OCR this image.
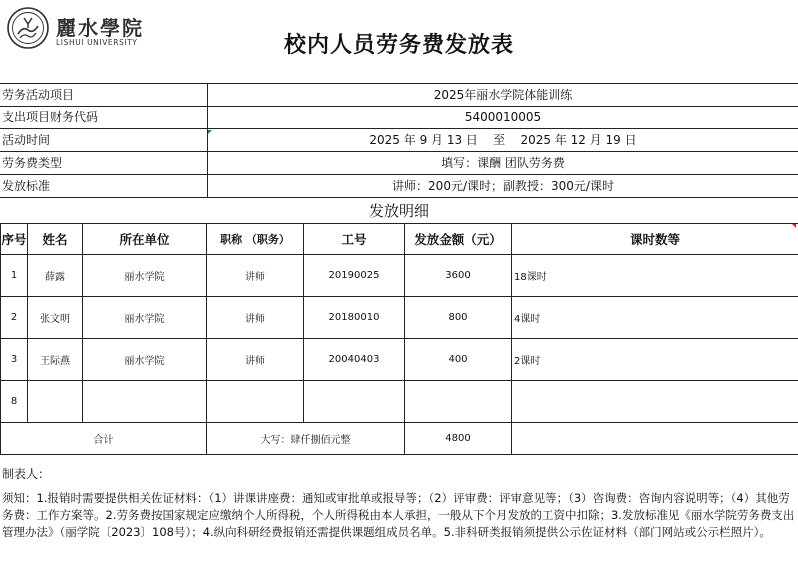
麗水學院
LISHUI UNIVERSITY	校内人员劳务费发放表
劳务活动项目	2025年丽水学院体能训练
支出项目财务代码	5400010005
活动时间	2025 年 9 月 13 日    至    2025 年 12 月 19 日
劳务费类型	填写：课酬 团队劳务费
发放标准	讲师：200元/课时；副教授：300元/课时
发放明细
序号	姓名	所在单位	职称 （职务）	工号	发放金额（元）	课时数等
1	薛露	丽水学院	讲师	20190025	3600	18课时
2	张文明	丽水学院	讲师	20180010	800	4课时
3	王际燕	丽水学院	讲师	20040403	400	2课时
8						
合计			大写：肆仟捌佰元整		4800	
制表人：
须知：1.报销时需要提供相关佐证材料：（1）讲课讲座费：通知或审批单或报导等；（2）评审费：评审意见等；（3）咨询费：咨询内容说明等；（4）其他劳务费：工作方案等。2.劳务费按国家规定应缴纳个人所得税，个人所得税由本人承担，一般从下个月发放的工资中扣除；3.发放标准见《丽水学院劳务费支出管理办法》（丽学院〔2023〕108号）；4.纵向科研经费报销还需提供课题组成员名单。5.非科研类报销须提供公示佐证材料（部门网站或公示栏照片）。
